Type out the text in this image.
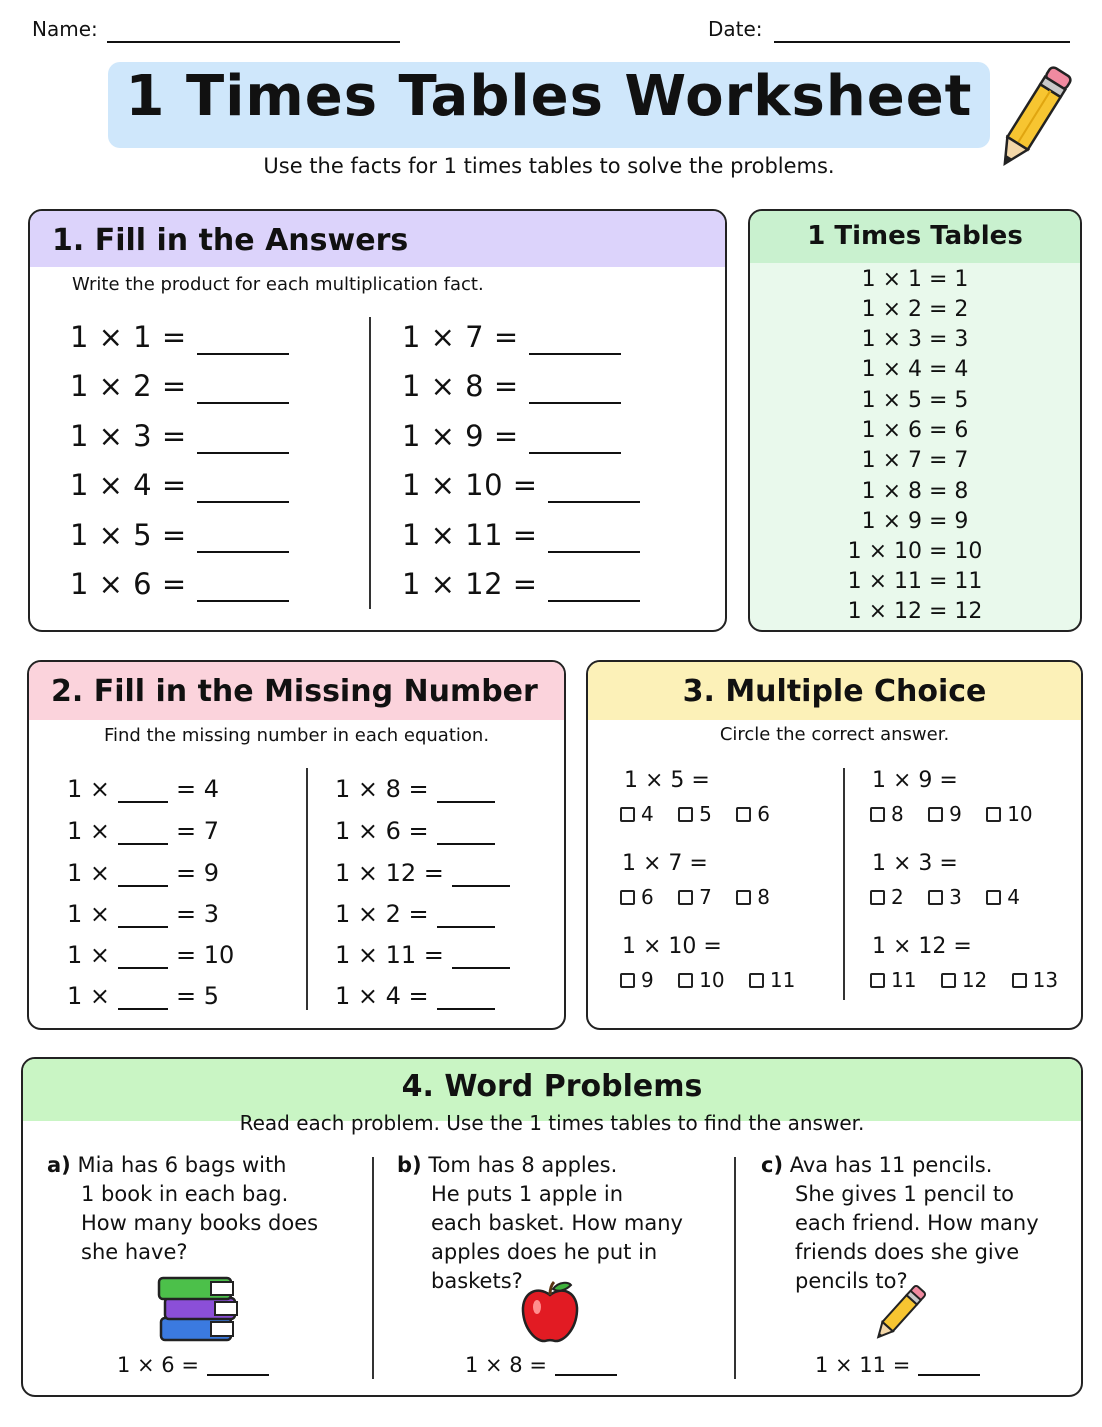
Name:	Date:
1 Times Tables Worksheet
Use the facts for 1 times tables to solve the problems.
1. Fill in the Answers
Write the product for each multiplication fact.
1 × 1 =
1 × 2 =
1 × 3 =
1 × 4 =
1 × 5 =
1 × 6 =
1 × 7 =
1 × 8 =
1 × 9 =
1 × 10 =
1 × 11 =
1 × 12 =
1 Times Tables
1 × 1 = 1
1 × 2 = 2
1 × 3 = 3
1 × 4 = 4
1 × 5 = 5
1 × 6 = 6
1 × 7 = 7
1 × 8 = 8
1 × 9 = 9
1 × 10 = 10
1 × 11 = 11
1 × 12 = 12
2. Fill in the Missing Number
Find the missing number in each equation.
1 ×	= 4
1 ×	= 7
1 ×	= 9
1 ×	= 3
1 ×	= 10
1 ×	= 5
1 × 8 =
1 × 6 =
1 × 12 =
1 × 2 =
1 × 11 =
1 × 4 =
3. Multiple Choice
Circle the correct answer.
1 × 5 =
4 5 6
1 × 7 =
6 7 8
1 × 10 =
9 10 11
1 × 9 =
8 9 10
1 × 3 =
2 3 4
1 × 12 =
11 12 13
4. Word Problems
Read each problem. Use the 1 times tables to find the answer.
a) Mia has 6 bags with
1 book in each bag.
How many books does
she have?
1 × 6 =
b) Tom has 8 apples.
He puts 1 apple in
each basket. How many
apples does he put in
baskets?
1 × 8 =
c) Ava has 11 pencils.
She gives 1 pencil to
each friend. How many
friends does she give
pencils to?
1 × 11 =
